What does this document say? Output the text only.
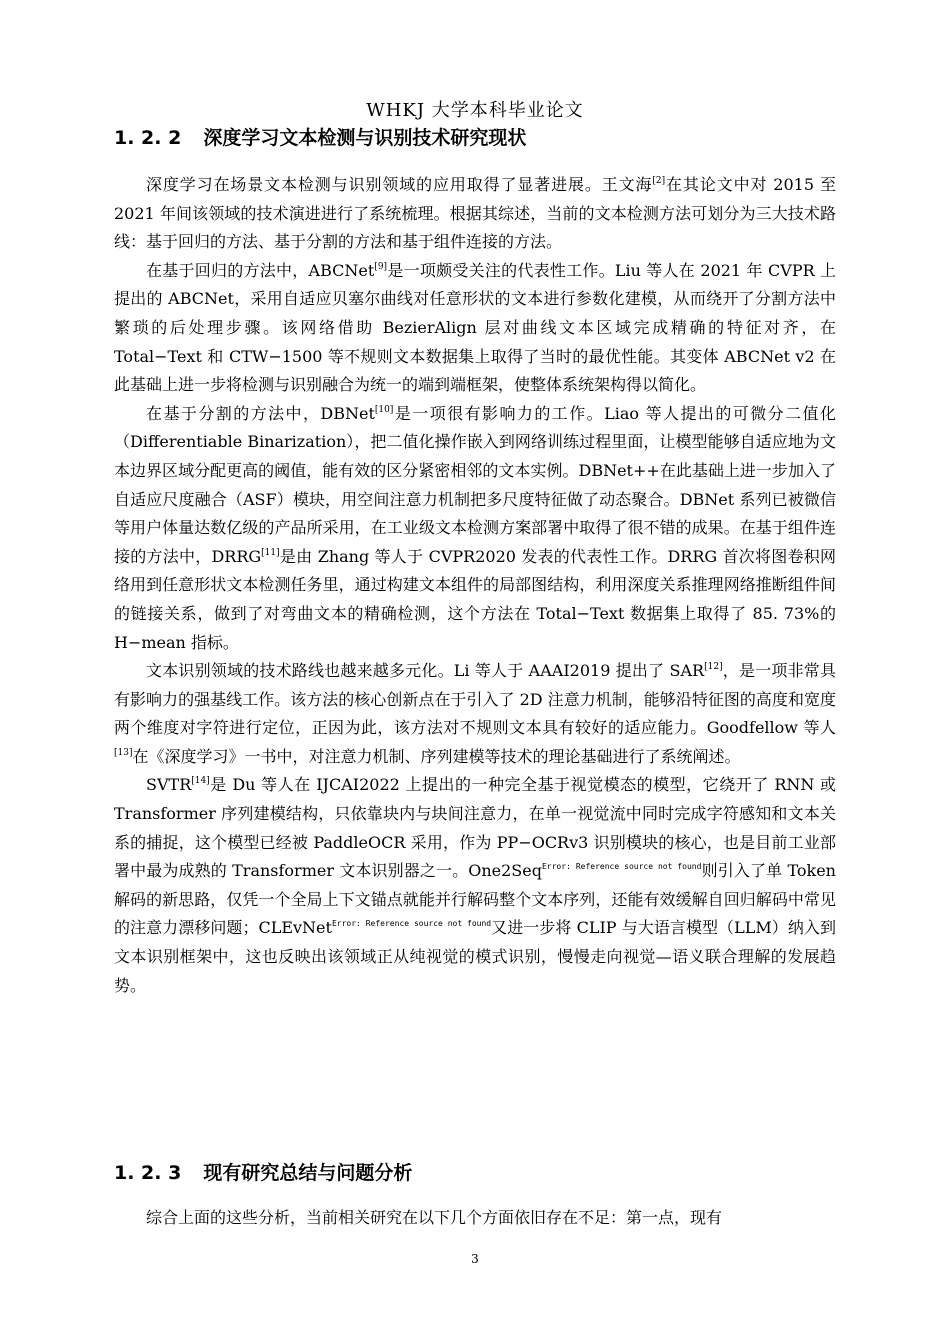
WHKJ 大学本科毕业论文
1. 2. 2 深度学习文本检测与识别技术研究现状

深度学习在场景文本检测与识别领域的应用取得了显著进展。王文海[2]在其论文中对 2015 至 2021 年间该领域的技术演进进行了系统梳理。根据其综述，当前的文本检测方法可划分为三大技术路线：基于回归的方法、基于分割的方法和基于组件连接的方法。

在基于回归的方法中，ABCNet[9]是一项颇受关注的代表性工作。Liu 等人在 2021 年 CVPR 上提出的 ABCNet，采用自适应贝塞尔曲线对任意形状的文本进行参数化建模，从而绕开了分割方法中繁琐的后处理步骤。该网络借助 BezierAlign 层对曲线文本区域完成精确的特征对齐，在 Total−Text 和 CTW−1500 等不规则文本数据集上取得了当时的最优性能。其变体 ABCNet v2 在此基础上进一步将检测与识别融合为统一的端到端框架，使整体系统架构得以简化。

在基于分割的方法中，DBNet[10]是一项很有影响力的工作。Liao 等人提出的可微分二值化（Differentiable Binarization），把二值化操作嵌入到网络训练过程里面，让模型能够自适应地为文本边界区域分配更高的阈值，能有效的区分紧密相邻的文本实例。DBNet++在此基础上进一步加入了自适应尺度融合（ASF）模块，用空间注意力机制把多尺度特征做了动态聚合。DBNet 系列已被微信等用户体量达数亿级的产品所采用，在工业级文本检测方案部署中取得了很不错的成果。在基于组件连接的方法中，DRRG[11]是由 Zhang 等人于 CVPR2020 发表的代表性工作。DRRG 首次将图卷积网络用到任意形状文本检测任务里，通过构建文本组件的局部图结构，利用深度关系推理网络推断组件间的链接关系，做到了对弯曲文本的精确检测，这个方法在 Total−Text 数据集上取得了 85. 73%的 H−mean 指标。

文本识别领域的技术路线也越来越多元化。Li 等人于 AAAI2019 提出了 SAR[12]，是一项非常具有影响力的强基线工作。该方法的核心创新点在于引入了 2D 注意力机制，能够沿特征图的高度和宽度两个维度对字符进行定位，正因为此，该方法对不规则文本具有较好的适应能力。Goodfellow 等人[13]在《深度学习》一书中，对注意力机制、序列建模等技术的理论基础进行了系统阐述。

SVTR[14]是 Du 等人在 IJCAI2022 上提出的一种完全基于视觉模态的模型，它绕开了 RNN 或 Transformer 序列建模结构，只依靠块内与块间注意力，在单一视觉流中同时完成字符感知和文本关系的捕捉，这个模型已经被 PaddleOCR 采用，作为 PP−OCRv3 识别模块的核心，也是目前工业部署中最为成熟的 Transformer 文本识别器之一。One2Seq$^{Error: Reference source not found}$则引入了单 Token 解码的新思路，仅凭一个全局上下文锚点就能并行解码整个文本序列，还能有效缓解自回归解码中常见的注意力漂移问题；CLEvNet$^{Error: Reference source not found}$又进一步将 CLIP 与大语言模型（LLM）纳入到文本识别框架中，这也反映出该领域正从纯视觉的模式识别，慢慢走向视觉—语义联合理解的发展趋势。

1. 2. 3 现有研究总结与问题分析

综合上面的这些分析，当前相关研究在以下几个方面依旧存在不足：第一点，现有

3
